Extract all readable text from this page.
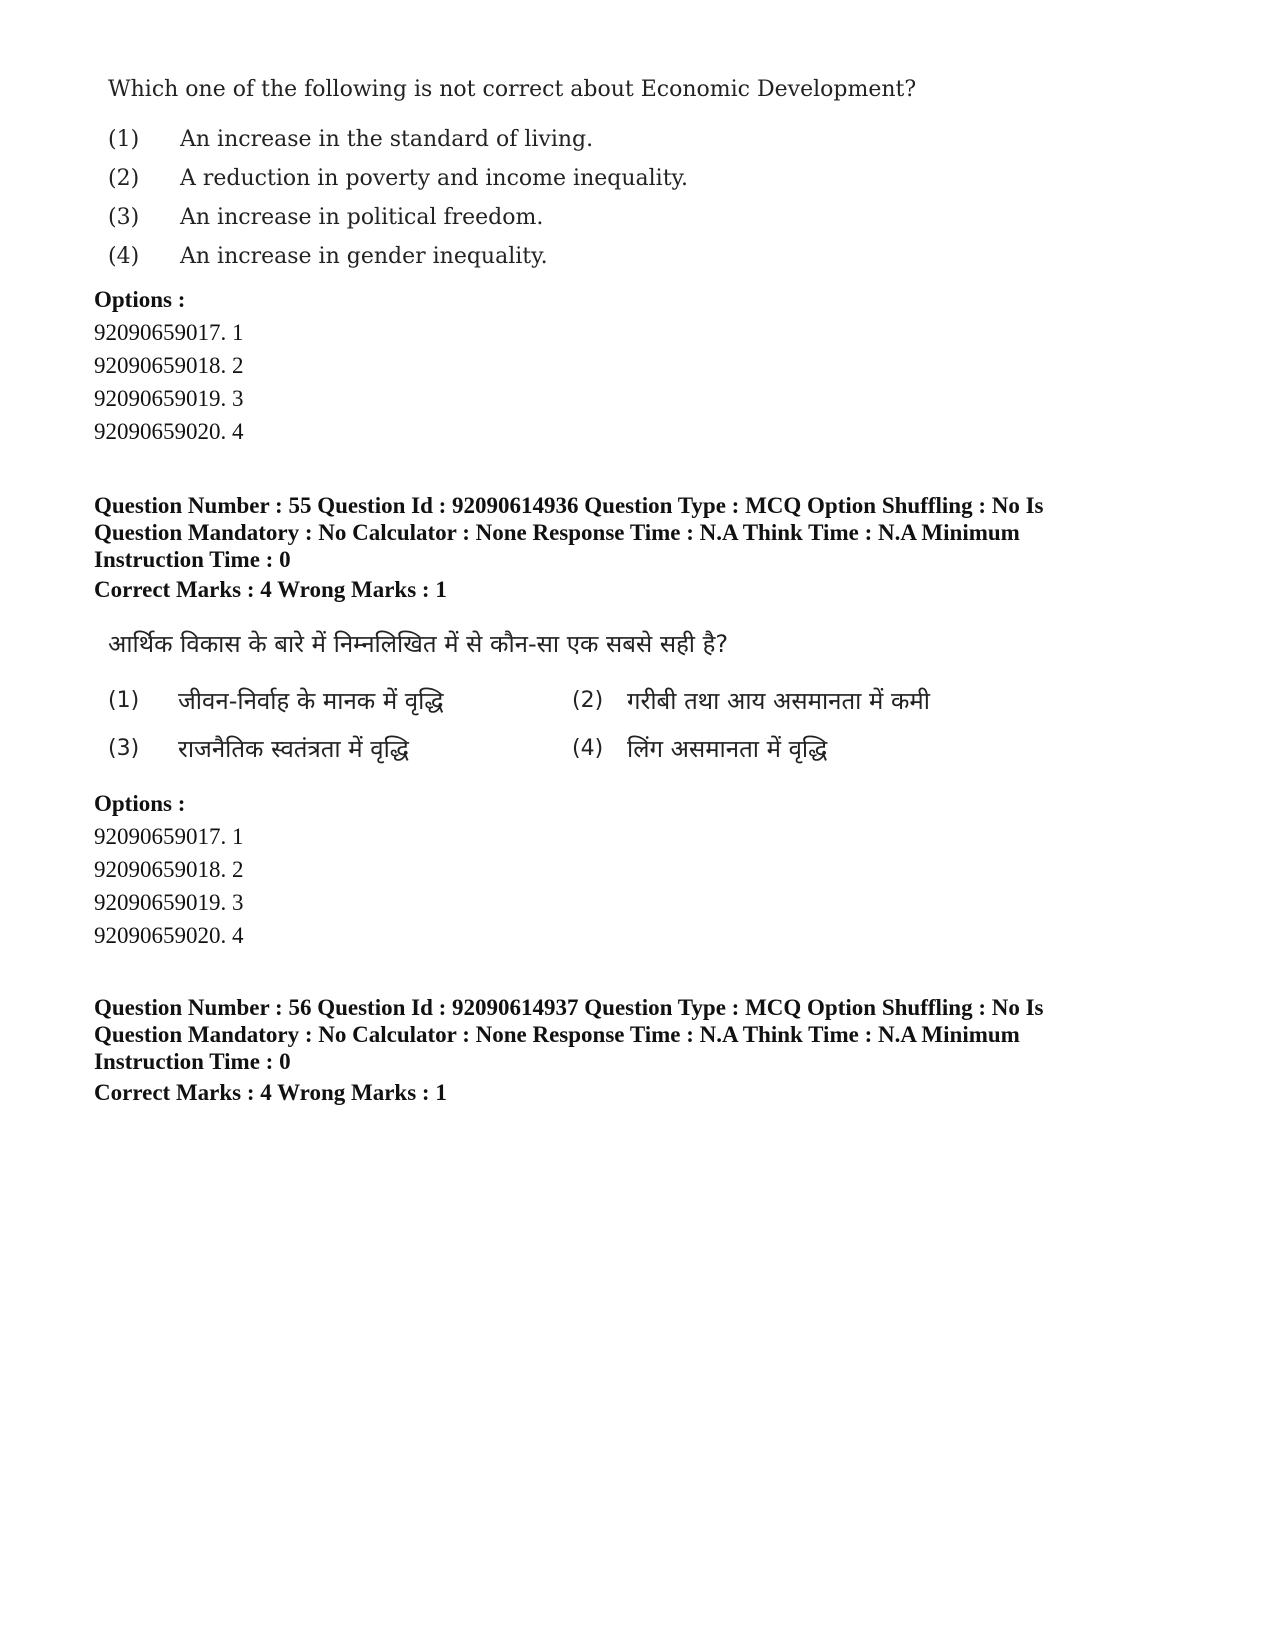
Which one of the following is not correct about Economic Development?
(1)	An increase in the standard of living.
(2)	A reduction in poverty and income inequality.
(3)	An increase in political freedom.
(4)	An increase in gender inequality.
Options :
92090659017. 1
92090659018. 2
92090659019. 3
92090659020. 4
Question Number : 55 Question Id : 92090614936 Question Type : MCQ Option Shuffling : No Is
Question Mandatory : No Calculator : None Response Time : N.A Think Time : N.A Minimum
Instruction Time : 0
Correct Marks : 4 Wrong Marks : 1
आर्थिक विकास के बारे में निम्नलिखित में से कौन-सा एक सबसे सही है?
(1)	जीवन-निर्वाह के मानक में वृद्धि	(2) गरीबी तथा आय असमानता में कमी
(3)	राजनैतिक स्वतंत्रता में वृद्धि	(4) लिंग असमानता में वृद्धि
Options :
92090659017. 1
92090659018. 2
92090659019. 3
92090659020. 4
Question Number : 56 Question Id : 92090614937 Question Type : MCQ Option Shuffling : No Is
Question Mandatory : No Calculator : None Response Time : N.A Think Time : N.A Minimum
Instruction Time : 0
Correct Marks : 4 Wrong Marks : 1
